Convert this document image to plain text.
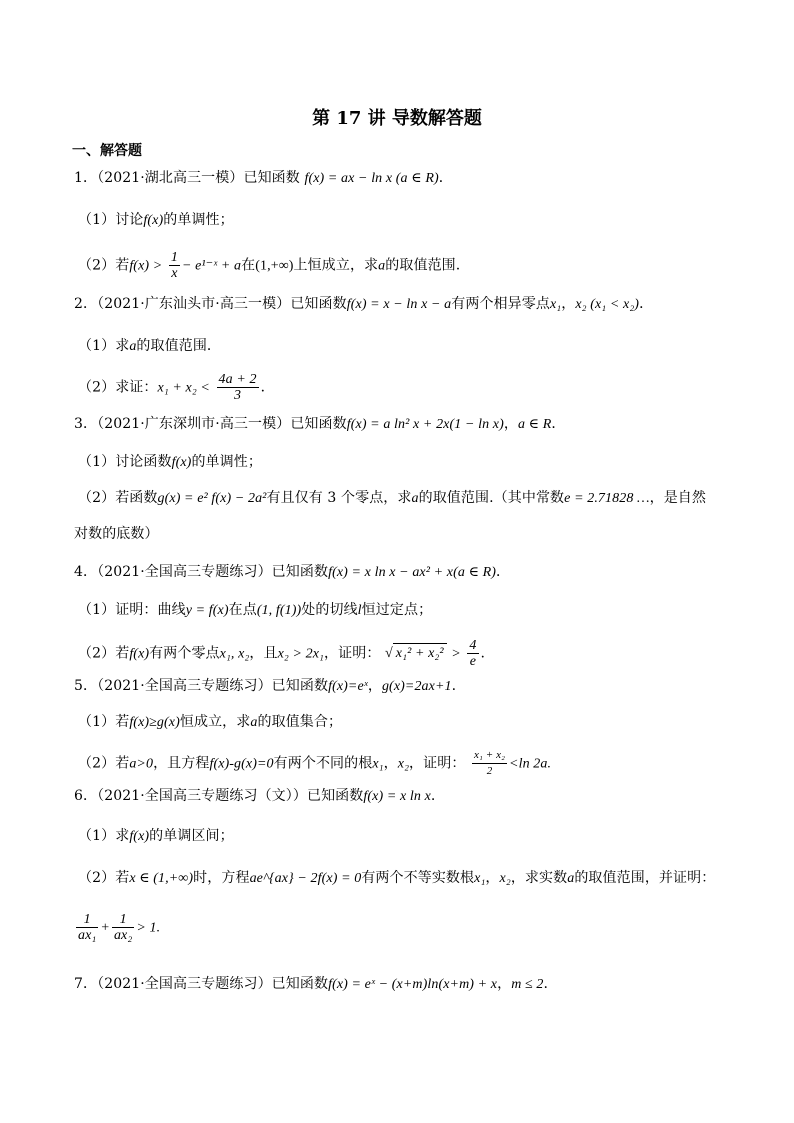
第 17 讲 导数解答题
一、解答题
1．（2021·湖北高三一模）已知函数 f(x) = ax − ln x (a ∈ R)．
（1）讨论f(x)的单调性；
（2）若$f(x) > \frac{1}{x}$ − e¹⁻ˣ + a在(1,+∞)上恒成立，求a的取值范围.
2．（2021·广东汕头市·高三一模）已知函数f(x) = x − ln x − a有两个相异零点x₁，x₂ (x₁ < x₂)．
（1）求a的取值范围．
（2）求证：$x_1 + x_2 < \frac{4a + 2}{3}$ ．
3．（2021·广东深圳市·高三一模）已知函数f(x) = a ln² x + 2x(1 − ln x)，a ∈ R．
（1）讨论函数f(x)的单调性；
（2）若函数g(x) = e² f(x) − 2a²有且仅有 3 个零点，求a的取值范围.（其中常数e = 2.71828 …，是自然
对数的底数）
4．（2021·全国高三专题练习）已知函数f(x) = x ln x − ax² + x(a ∈ R)．
（1）证明：曲线y = f(x)在点(1, f(1))处的切线l恒过定点；
（2）若f(x)有两个零点x₁, x₂，且x₂ > 2x₁，证明： √ $x_1^2 + x_2^2 > \frac{4}{e}$ .
5．（2021·全国高三专题练习）已知函数f(x)=eˣ，g(x)=2ax+1.
（1）若f(x)≥g(x)恒成立，求a的取值集合；
（2）若a>0，且方程f(x)-g(x)=0有两个不同的根x₁，x₂，证明： $\frac{\text{x₁ + x₂}}{2} <\ln$ 2a.
6．（2021·全国高三专题练习（文））已知函数f(x) = x ln x.
（1）求f(x)的单调区间；
（2）若x ∈ (1,+∞)时，方程ae^{ax} − 2f(x) = 0有两个不等实数根x₁，x₂，求实数a的取值范围，并证明：
$\frac{1}{\text{ax₁}} + \frac{1}{\text{ax₂}} > 1$.
7．（2021·全国高三专题练习）已知函数f(x) = eˣ − (x+m)ln(x+m) + x，m ≤ 2.
